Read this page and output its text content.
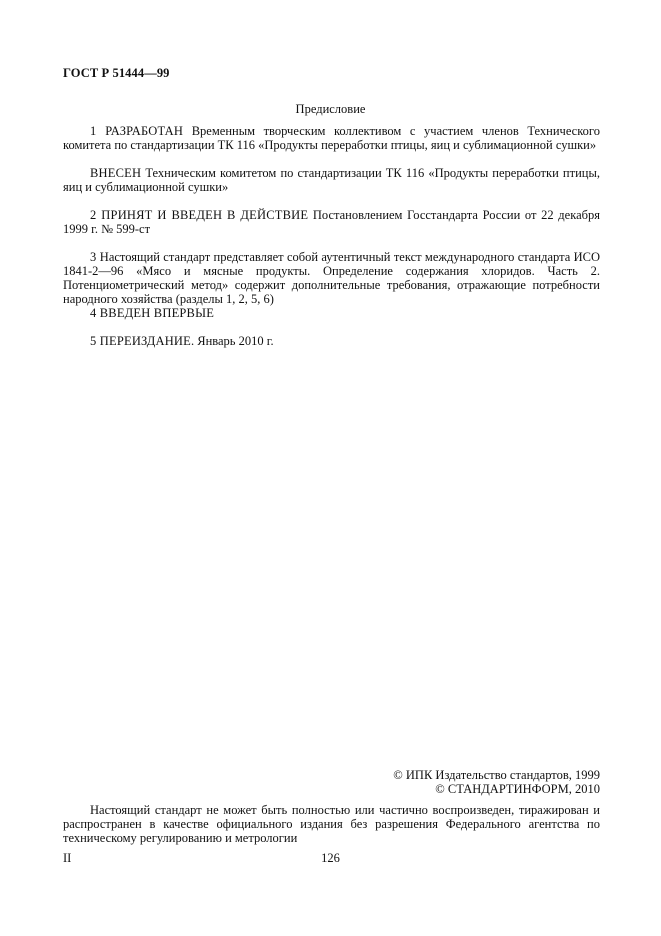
ГОСТ Р 51444—99
Предисловие
1 РАЗРАБОТАН Временным творческим коллективом с участием членов Технического комитета по стандартизации ТК 116 «Продукты переработки птицы, яиц и сублимационной сушки»
ВНЕСЕН Техническим комитетом по стандартизации ТК 116 «Продукты переработки птицы, яиц и сублимационной сушки»
2 ПРИНЯТ И ВВЕДЕН В ДЕЙСТВИЕ Постановлением Госстандарта России от 22 декабря 1999 г. № 599-ст
3 Настоящий стандарт представляет собой аутентичный текст международного стандарта ИСО 1841-2—96 «Мясо и мясные продукты. Определение содержания хлоридов. Часть 2. Потенциометрический метод» содержит дополнительные требования, отражающие потребности народного хозяйства (разделы 1, 2, 5, 6)
4 ВВЕДЕН ВПЕРВЫЕ
5 ПЕРЕИЗДАНИЕ. Январь 2010 г.
© ИПК Издательство стандартов, 1999
© СТАНДАРТИНФОРМ, 2010
Настоящий стандарт не может быть полностью или частично воспроизведен, тиражирован и распространен в качестве официального издания без разрешения Федерального агентства по техническому регулированию и метрологии
II	126
